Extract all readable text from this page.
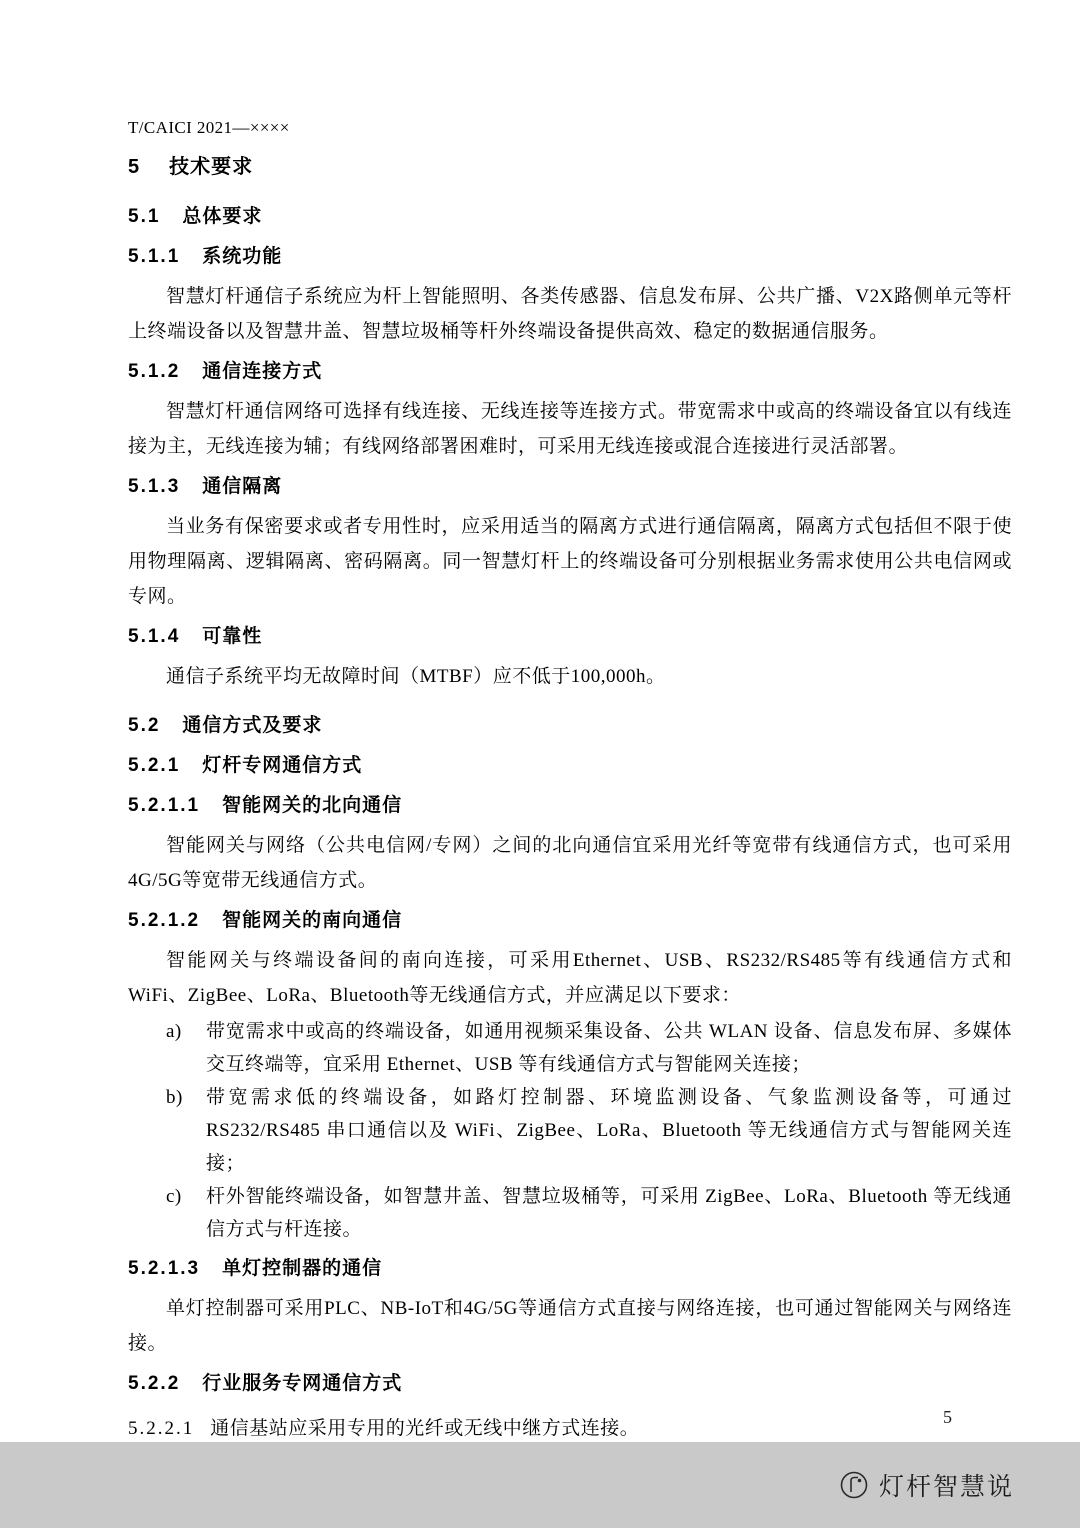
T/CAICI 2021—××××
5 技术要求
5.1 总体要求
5.1.1 系统功能

智慧灯杆通信子系统应为杆上智能照明、各类传感器、信息发布屏、公共广播、V2X路侧单元等杆上终端设备以及智慧井盖、智慧垃圾桶等杆外终端设备提供高效、稳定的数据通信服务。

5.1.2 通信连接方式

智慧灯杆通信网络可选择有线连接、无线连接等连接方式。带宽需求中或高的终端设备宜以有线连接为主，无线连接为辅；有线网络部署困难时，可采用无线连接或混合连接进行灵活部署。

5.1.3 通信隔离

当业务有保密要求或者专用性时，应采用适当的隔离方式进行通信隔离，隔离方式包括但不限于使用物理隔离、逻辑隔离、密码隔离。同一智慧灯杆上的终端设备可分别根据业务需求使用公共电信网或专网。

5.1.4 可靠性

通信子系统平均无故障时间（MTBF）应不低于100,000h。

5.2 通信方式及要求
5.2.1 灯杆专网通信方式
5.2.1.1 智能网关的北向通信

智能网关与网络（公共电信网/专网）之间的北向通信宜采用光纤等宽带有线通信方式，也可采用4G/5G等宽带无线通信方式。

5.2.1.2 智能网关的南向通信

智能网关与终端设备间的南向连接，可采用Ethernet、USB、RS232/RS485等有线通信方式和WiFi、ZigBee、LoRa、Bluetooth等无线通信方式，并应满足以下要求：

a)	带宽需求中或高的终端设备，如通用视频采集设备、公共 WLAN 设备、信息发布屏、多媒体交互终端等，宜采用 Ethernet、USB 等有线通信方式与智能网关连接；
b)	带宽需求低的终端设备，如路灯控制器、环境监测设备、气象监测设备等，可通过 RS232/RS485 串口通信以及 WiFi、ZigBee、LoRa、Bluetooth 等无线通信方式与智能网关连接；
c)	杆外智能终端设备，如智慧井盖、智慧垃圾桶等，可采用 ZigBee、LoRa、Bluetooth 等无线通信方式与杆连接。
5.2.1.3 单灯控制器的通信

单灯控制器可采用PLC、NB-IoT和4G/5G等通信方式直接与网络连接，也可通过智能网关与网络连接。

5.2.2 行业服务专网通信方式

5.2.2.1 通信基站应采用专用的光纤或无线中继方式连接。

5
灯杆智慧说
